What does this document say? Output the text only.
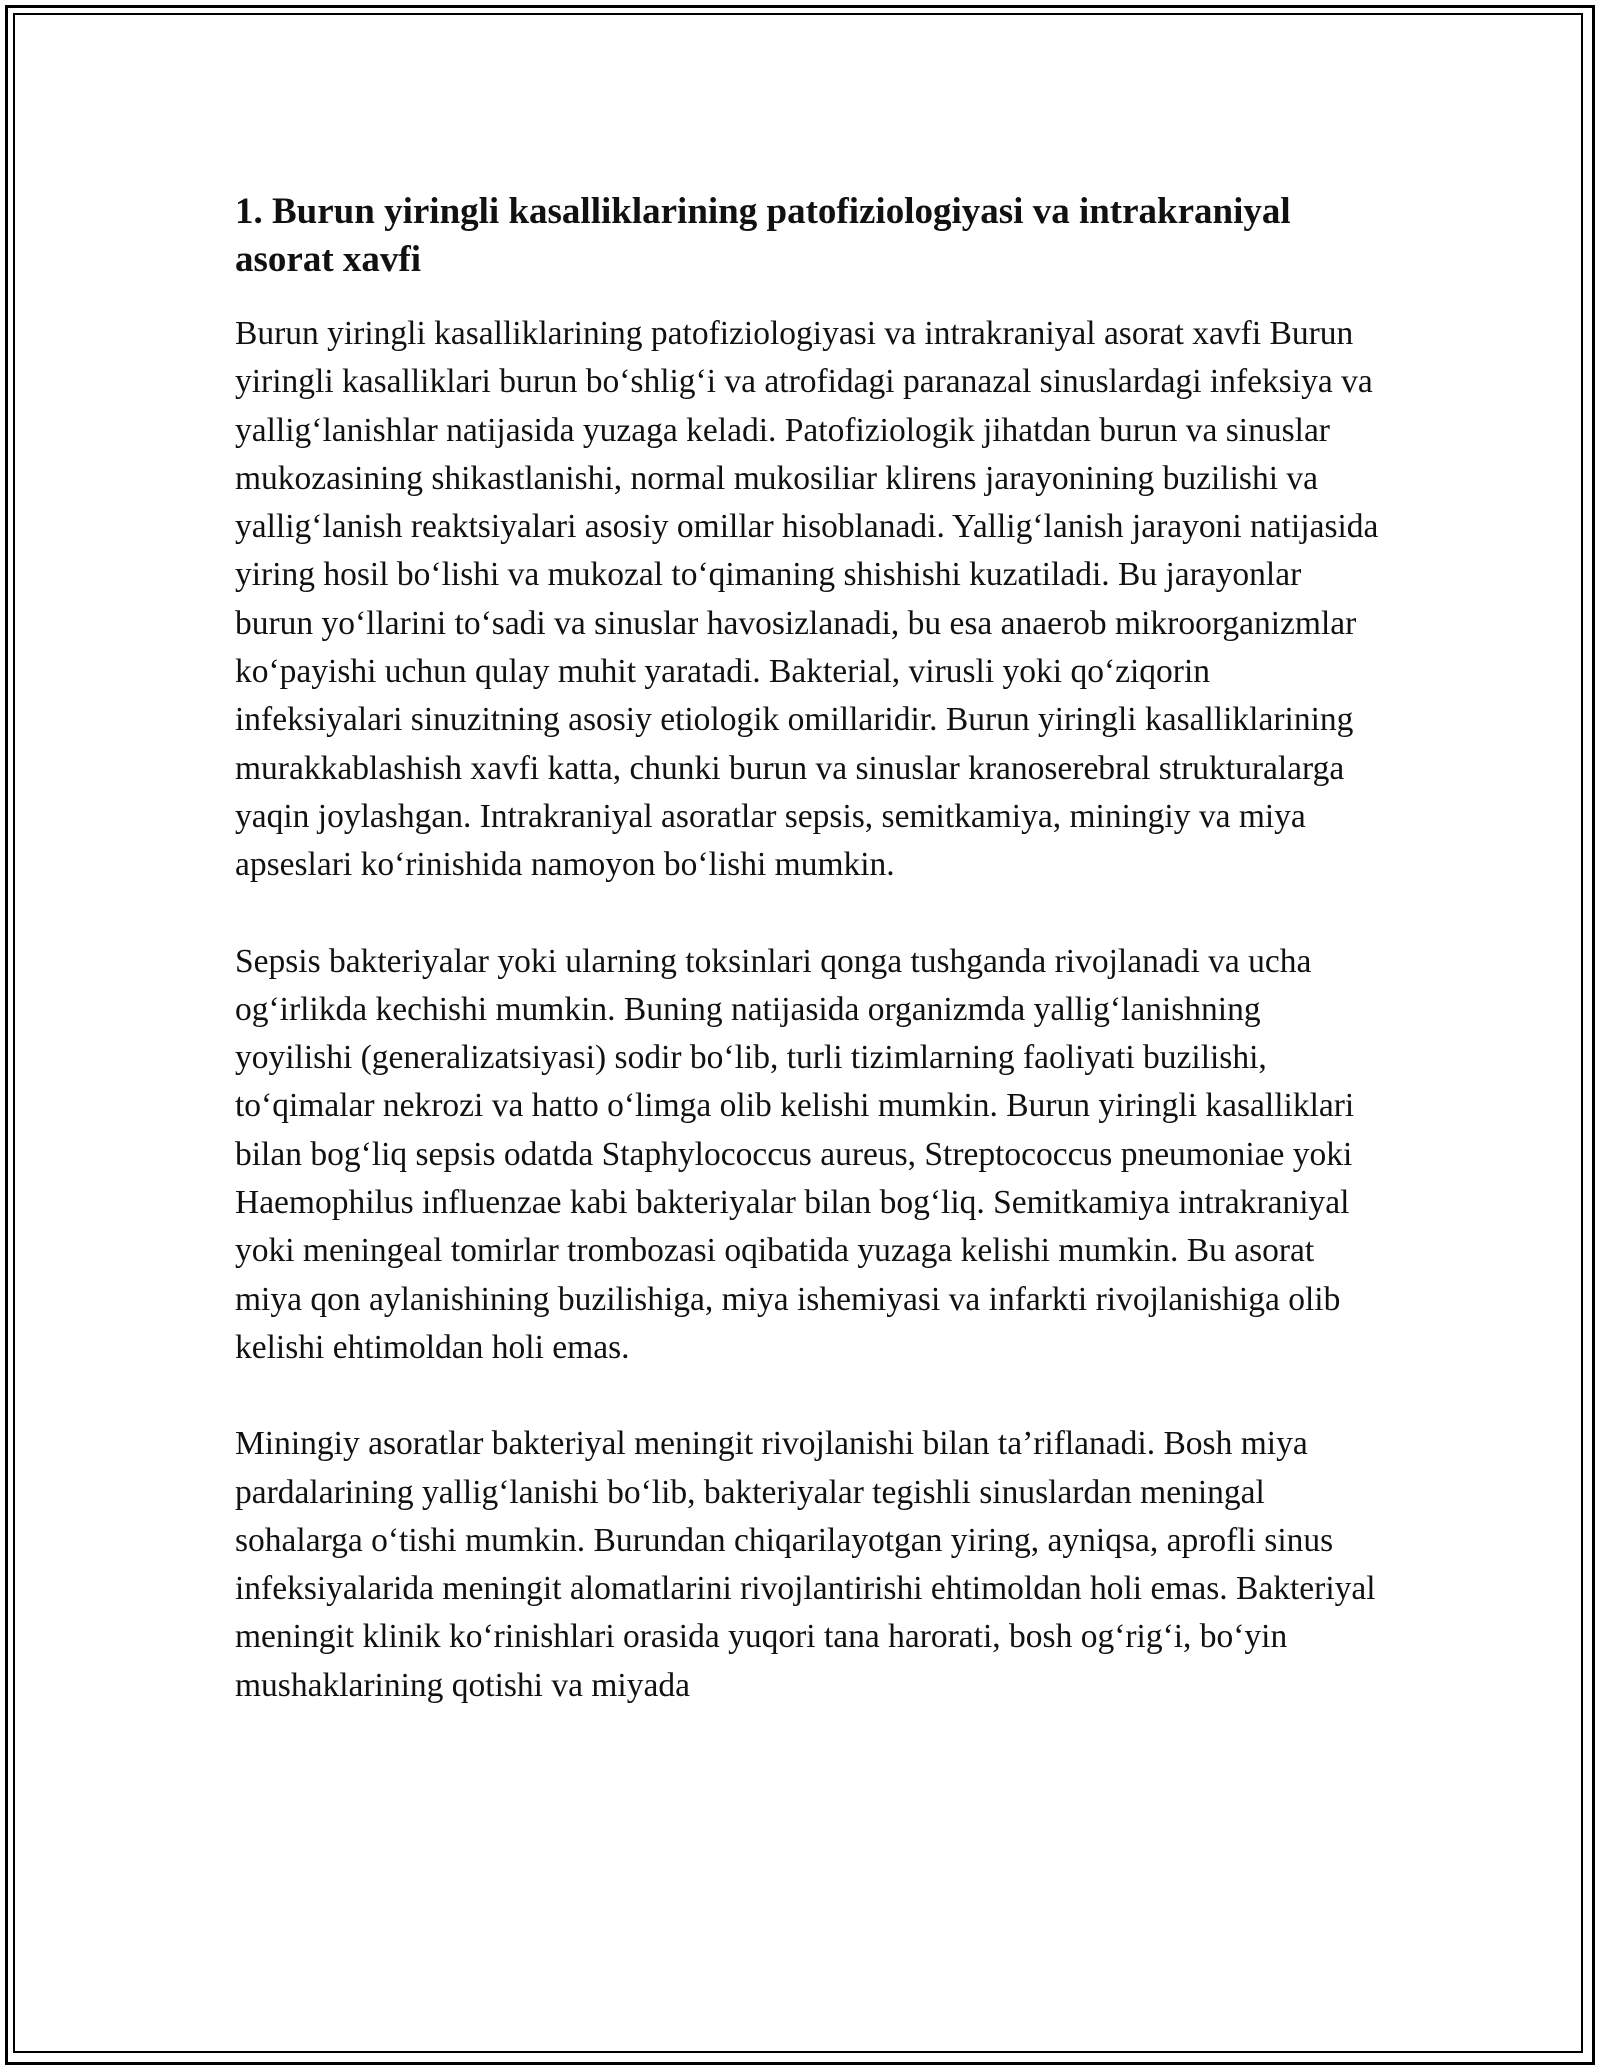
1. Burun yiringli kasalliklarining patofiziologiyasi va intrakraniyal asorat xavfi

Burun yiringli kasalliklarining patofiziologiyasi va intrakraniyal asorat xavfi Burun yiringli kasalliklari burun bo‘shlig‘i va atrofidagi paranazal sinuslardagi infeksiya va yallig‘lanishlar natijasida yuzaga keladi. Patofiziologik jihatdan burun va sinuslar mukozasining shikastlanishi, normal mukosiliar klirens jarayonining buzilishi va yallig‘lanish reaktsiyalari asosiy omillar hisoblanadi. Yallig‘lanish jarayoni natijasida yiring hosil bo‘lishi va mukozal to‘qimaning shishishi kuzatiladi. Bu jarayonlar burun yo‘llarini to‘sadi va sinuslar havosizlanadi, bu esa anaerob mikroorganizmlar ko‘payishi uchun qulay muhit yaratadi. Bakterial, virusli yoki qo‘ziqorin infeksiyalari sinuzitning asosiy etiologik omillaridir. Burun yiringli kasalliklarining murakkablashish xavfi katta, chunki burun va sinuslar kranoserebral strukturalarga yaqin joylashgan. Intrakraniyal asoratlar sepsis, semitkamiya, miningiy va miya apseslari ko‘rinishida namoyon bo‘lishi mumkin.

Sepsis bakteriyalar yoki ularning toksinlari qonga tushganda rivojlanadi va ucha og‘irlikda kechishi mumkin. Buning natijasida organizmda yallig‘lanishning yoyilishi (generalizatsiyasi) sodir bo‘lib, turli tizimlarning faoliyati buzilishi, to‘qimalar nekrozi va hatto o‘limga olib kelishi mumkin. Burun yiringli kasalliklari bilan bog‘liq sepsis odatda Staphylococcus aureus, Streptococcus pneumoniae yoki Haemophilus influenzae kabi bakteriyalar bilan bog‘liq. Semitkamiya intrakraniyal yoki meningeal tomirlar trombozasi oqibatida yuzaga kelishi mumkin. Bu asorat miya qon aylanishining buzilishiga, miya ishemiyasi va infarkti rivojlanishiga olib kelishi ehtimoldan holi emas.

Miningiy asoratlar bakteriyal meningit rivojlanishi bilan ta’riflanadi. Bosh miya pardalarining yallig‘lanishi bo‘lib, bakteriyalar tegishli sinuslardan meningal sohalarga o‘tishi mumkin. Burundan chiqarilayotgan yiring, ayniqsa, aprofli sinus infeksiyalarida meningit alomatlarini rivojlantirishi ehtimoldan holi emas. Bakteriyal meningit klinik ko‘rinishlari orasida yuqori tana harorati, bosh og‘rig‘i, bo‘yin mushaklarining qotishi va miyada
